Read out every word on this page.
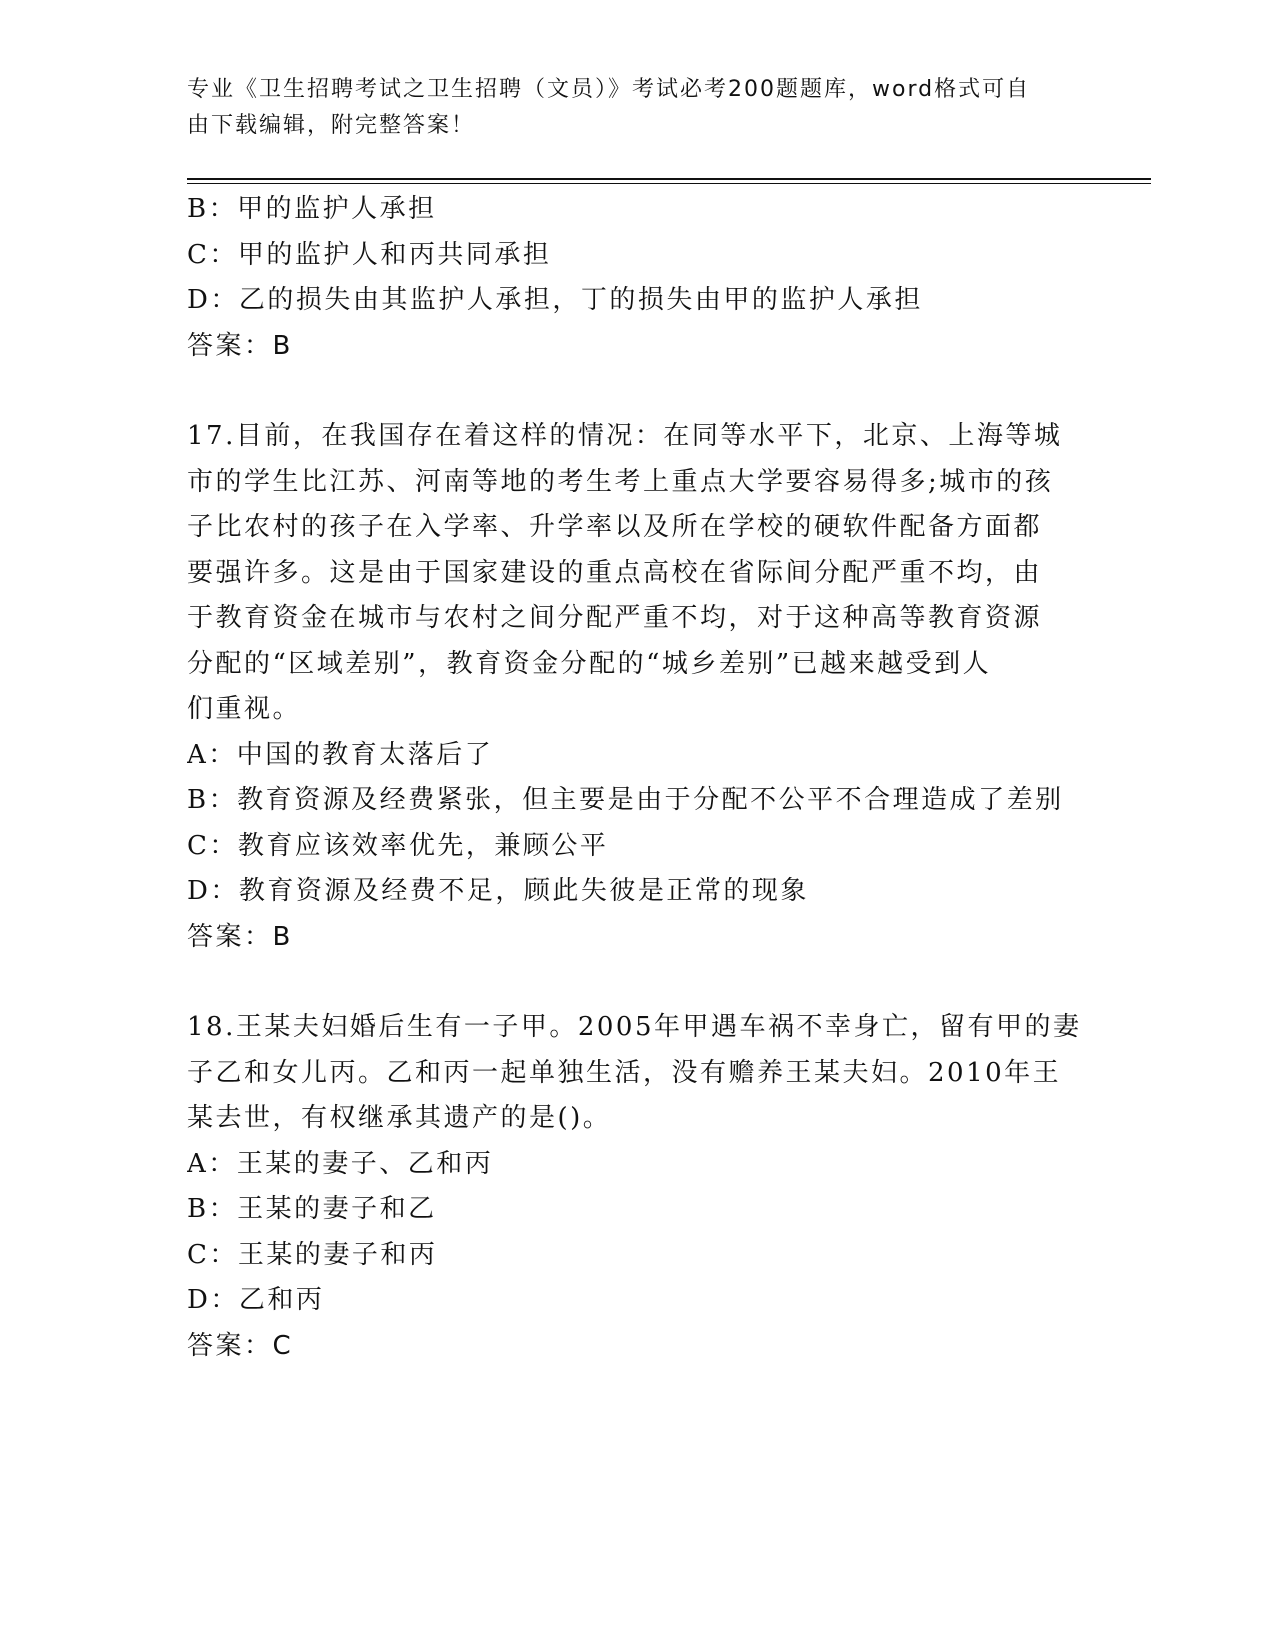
专业《卫生招聘考试之卫生招聘（文员）》考试必考200题题库，word格式可自
由下载编辑，附完整答案！
B：甲的监护人承担
C：甲的监护人和丙共同承担
D：乙的损失由其监护人承担，丁的损失由甲的监护人承担
答案：B
17.目前，在我国存在着这样的情况：在同等水平下，北京、上海等城
市的学生比江苏、河南等地的考生考上重点大学要容易得多;城市的孩
子比农村的孩子在入学率、升学率以及所在学校的硬软件配备方面都
要强许多。这是由于国家建设的重点高校在省际间分配严重不均，由
于教育资金在城市与农村之间分配严重不均，对于这种高等教育资源
分配的“区域差别”，教育资金分配的“城乡差别”已越来越受到人
们重视。
A：中国的教育太落后了
B：教育资源及经费紧张，但主要是由于分配不公平不合理造成了差别
C：教育应该效率优先，兼顾公平
D：教育资源及经费不足，顾此失彼是正常的现象
答案：B
18.王某夫妇婚后生有一子甲。2005年甲遇车祸不幸身亡，留有甲的妻
子乙和女儿丙。乙和丙一起单独生活，没有赡养王某夫妇。2010年王
某去世，有权继承其遗产的是()。
A：王某的妻子、乙和丙
B：王某的妻子和乙
C：王某的妻子和丙
D：乙和丙
答案：C
